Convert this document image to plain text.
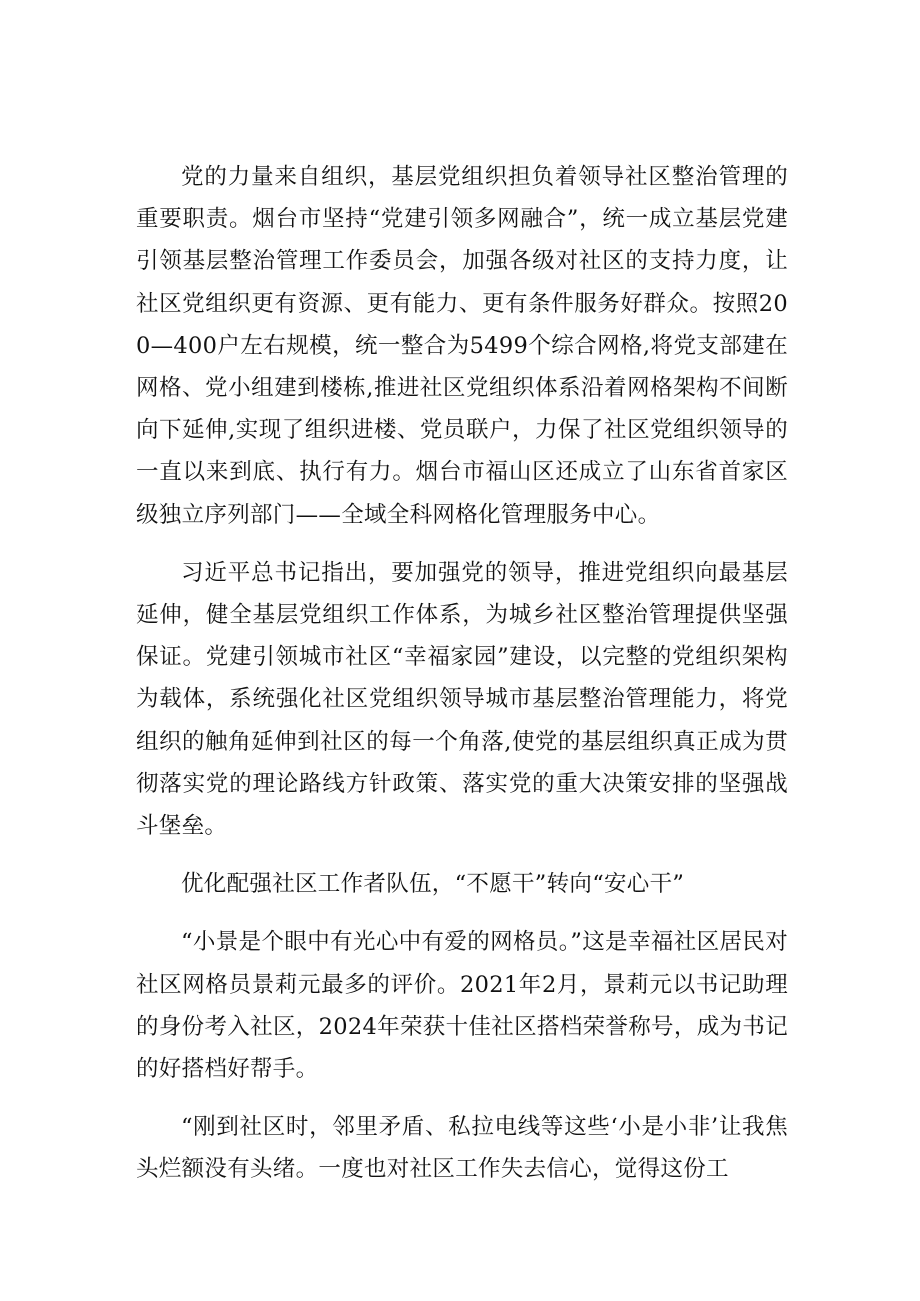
党的力量来自组织，基层党组织担负着领导社区整治管理的重要职责。烟台市坚持“党建引领多网融合”，统一成立基层党建引领基层整治管理工作委员会，加强各级对社区的支持力度，让社区党组织更有资源、更有能力、更有条件服务好群众。按照200—400户左右规模，统一整合为5499个综合网格,将党支部建在网格、党小组建到楼栋,推进社区党组织体系沿着网格架构不间断向下延伸,实现了组织进楼、党员联户，力保了社区党组织领导的一直以来到底、执行有力。烟台市福山区还成立了山东省首家区级独立序列部门——全域全科网格化管理服务中心。

习近平总书记指出，要加强党的领导，推进党组织向最基层延伸，健全基层党组织工作体系，为城乡社区整治管理提供坚强保证。党建引领城市社区“幸福家园”建设，以完整的党组织架构为载体，系统强化社区党组织领导城市基层整治管理能力，将党组织的触角延伸到社区的每一个角落,使党的基层组织真正成为贯彻落实党的理论路线方针政策、落实党的重大决策安排的坚强战斗堡垒。

优化配强社区工作者队伍，“不愿干”转向“安心干”

“小景是个眼中有光心中有爱的网格员。”这是幸福社区居民对社区网格员景莉元最多的评价。2021年2月，景莉元以书记助理的身份考入社区，2024年荣获十佳社区搭档荣誉称号，成为书记的好搭档好帮手。

“刚到社区时，邻里矛盾、私拉电线等这些‘小是小非’让我焦头烂额没有头绪。一度也对社区工作失去信心，觉得这份工
